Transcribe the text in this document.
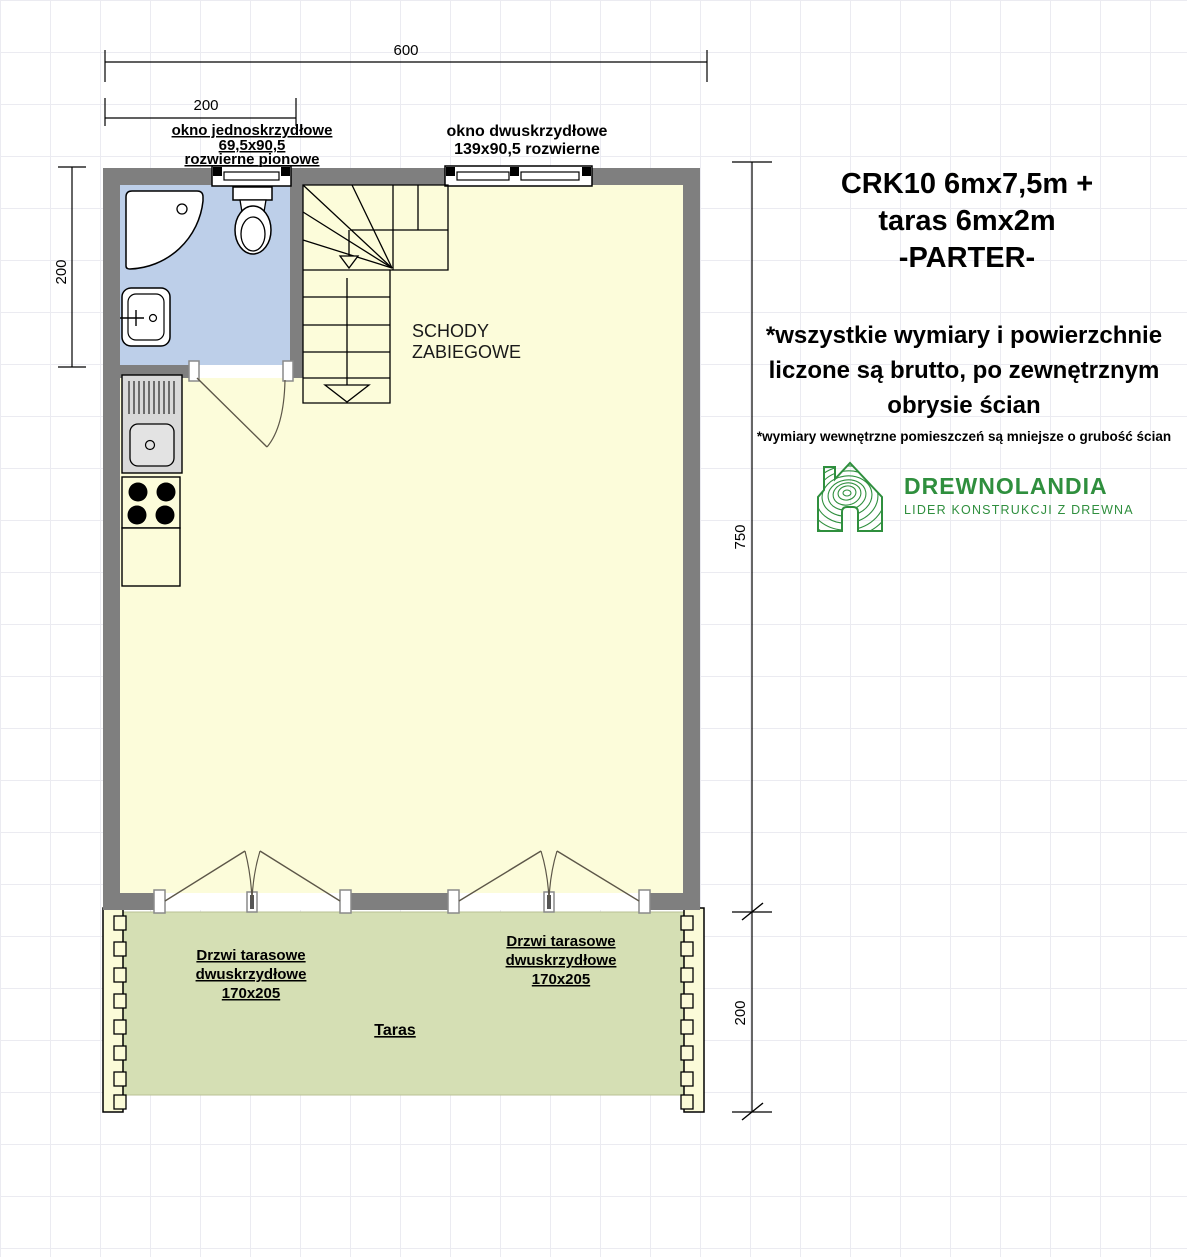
600
200
200
750
200
okno jednoskrzydłowe
69,5x90,5
rozwierne pionowe
okno dwuskrzydłowe
139x90,5 rozwierne
SCHODY
ZABIEGOWE
Drzwi tarasowe
dwuskrzydłowe
170x205
Drzwi tarasowe
dwuskrzydłowe
170x205
Taras
CRK10 6mx7,5m +
taras 6mx2m
-PARTER-
*wszystkie wymiary i powierzchnie
liczone są brutto, po zewnętrznym
obrysie ścian
*wymiary wewnętrzne pomieszczeń są mniejsze o grubość ścian
DREWNOLANDIA
LIDER KONSTRUKCJI Z DREWNA
